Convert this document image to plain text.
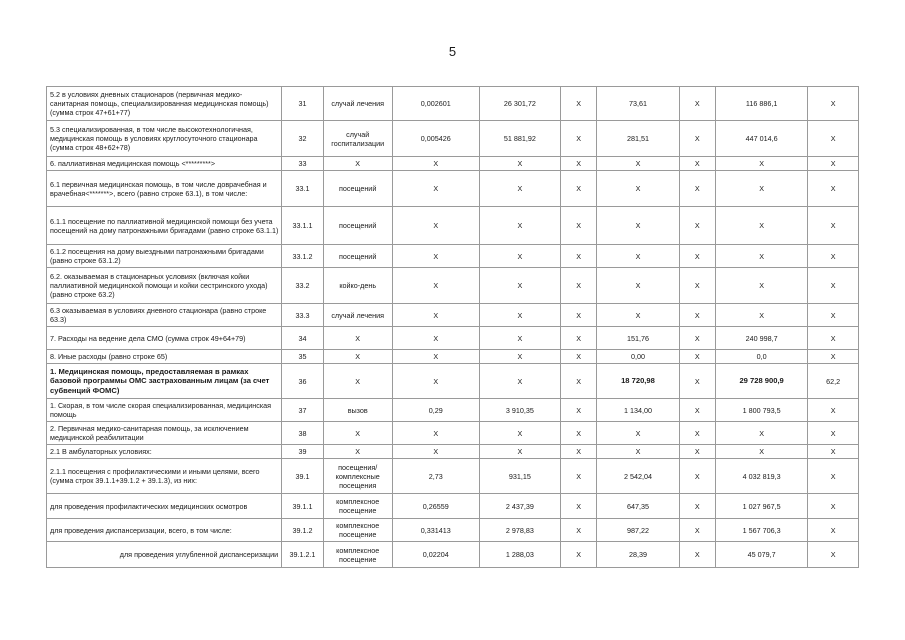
5
5.2 в условиях дневных стационаров (первичная медико-санитарная помощь, специализированная медицинская помощь) (сумма строк 47+61+77)	31	случай лечения	0,002601	26 301,72	X	73,61	X	116 886,1	X
5.3 специализированная, в том числе высокотехнологичная, медицинская помощь в условиях круглосуточного стационара (сумма строк 48+62+78)	32	случай госпитализации	0,005426	51 881,92	X	281,51	X	447 014,6	X
6. паллиативная медицинская помощь <*********>	33	X	X	X	X	X	X	X	X
6.1 первичная медицинская помощь, в том числе доврачебная и врачебная<*******>, всего (равно строке 63.1), в том числе:	33.1	посещений	X	X	X	X	X	X	X
6.1.1 посещение по паллиативной медицинской помощи без учета посещений на дому патронажными бригадами (равно строке 63.1.1)	33.1.1	посещений	X	X	X	X	X	X	X
6.1.2 посещения на дому выездными патронажными бригадами (равно строке 63.1.2)	33.1.2	посещений	X	X	X	X	X	X	X
6.2. оказываемая в стационарных условиях (включая койки паллиативной медицинской помощи и койки сестринского ухода) (равно строке 63.2)	33.2	койко-день	X	X	X	X	X	X	X
6.3 оказываемая в условиях дневного стационара (равно строке 63.3)	33.3	случай лечения	X	X	X	X	X	X	X
7. Расходы на ведение дела СМО (сумма строк 49+64+79)	34	X	X	X	X	151,76	X	240 998,7	X
8. Иные расходы (равно строке 65)	35	X	X	X	X	0,00	X	0,0	X
1. Медицинская помощь, предоставляемая в рамках базовой программы ОМС застрахованным лицам (за счет субвенций ФОМС)	36	X	X	X	X	18 720,98	X	29 728 900,9	62,2
1. Скорая, в том числе скорая специализированная, медицинская помощь	37	вызов	0,29	3 910,35	X	1 134,00	X	1 800 793,5	X
2. Первичная медико-санитарная помощь, за исключением медицинской реабилитации	38	X	X	X	X	X	X	X	X
2.1 В амбулаторных условиях:	39	X	X	X	X	X	X	X	X
2.1.1 посещения с профилактическими и иными целями, всего (сумма строк 39.1.1+39.1.2 + 39.1.3), из них:	39.1	посещения/ комплексные посещения	2,73	931,15	X	2 542,04	X	4 032 819,3	X
для проведения профилактических медицинских осмотров	39.1.1	комплексное посещение	0,26559	2 437,39	X	647,35	X	1 027 967,5	X
для проведения диспансеризации, всего, в том числе:	39.1.2	комплексное посещение	0,331413	2 978,83	X	987,22	X	1 567 706,3	X
для проведения углубленной диспансеризации	39.1.2.1	комплексное посещение	0,02204	1 288,03	X	28,39	X	45 079,7	X
